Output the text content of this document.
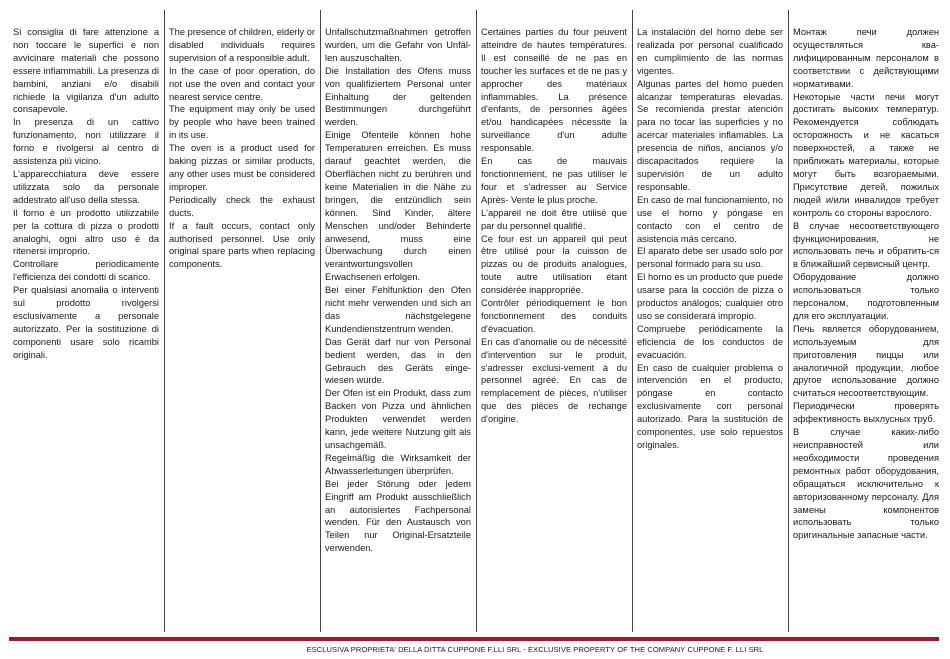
Si consiglia di fare attenzione a non toccare le superfici e non avvicinare materiali che possono essere infiammabili. La presenza di bambini, anziani e/o disabili richiede la vigilanza d'un adulto consapevole.

In presenza di un cattivo funzionamento, non utilizzare il forno e rivolgersi al centro di assistenza più vicino.

L'apparecchiatura deve essere utilizzata solo da personale addestrato all'uso della stessa.

Il forno è un prodotto utilizzabile per la cottura di pizza o prodotti analoghi, ogni altro uso è da ritenersi improprio.

Controllare periodicamente l'efficienza dei condotti di scarico.

Per qualsiasi anomalia o interventi sul prodotto rivolgersi esclusivamente a personale autorizzato. Per la sostituzione di componenti usare solo ricambi originali.

The presence of children, elderly or disabled individuals requires supervision of a responsible adult.

In the case of poor operation, do not use the oven and contact your nearest service centre.

The equipment may only be used by people who have been trained in its use.

The oven is a product used for baking pizzas or similar products, any other uses must be considered improper.

Periodically check the exhaust ducts.

If a fault occurs, contact only authorised personnel. Use only original spare parts when replacing components.

Unfallschutzmaßnahmen getroffen wurden, um die Gefahr von Unfäl-len auszuschalten.

Die Installation des Ofens muss von qualifiziertem Personal unter Einhaltung der geltenden Bestimmungen durchgeführt werden.

Einige Ofenteile können hohe Temperaturen erreichen. Es muss darauf geachtet werden, die Oberflächen nicht zu berühren und keine Materialien in die Nähe zu bringen, die entzündlich sein können. Sind Kinder, ältere Menschen und/oder Behinderte anwesend, muss eine Überwachung durch einen verantwortungsvollen Erwachsenen erfolgen.

Bei einer Fehlfunktion den Ofen nicht mehr verwenden und sich an das nächstgelegene Kundendienstzentrum wenden.

Das Gerät darf nur von Personal bedient werden, das in den Gebrauch des Geräts einge-wiesen wurde.

Der Ofen ist ein Produkt, dass zum Backen von Pizza und ähnlichen Produkten verwendet werden kann, jede weitere Nutzung gilt als unsachgemäß.

Regelmäßig die Wirksamkeit der Abwasserleitungen überprüfen.

Bei jeder Störung oder jedem Eingriff am Produkt ausschließlich an autorisiertes Fachpersonal wenden. Für den Austausch von Teilen nur Original-Ersatzteile verwenden.

Certaines parties du four peuvent atteindre de hautes températures. Il est conseillé de ne pas en toucher les surfaces et de ne pas y approcher des matériaux inflammables. La présence d'enfants, de personnes âgées et/ou handicapées nécessite la surveillance d'un adulte responsable.

En cas de mauvais fonctionnement, ne pas utiliser le four et s'adresser au Service Après- Vente le plus proche.

L'appareil ne doit être utilisé que par du personnel qualifié.

Ce four est un appareil qui peut être utilisé pour la cuisson de pizzas ou de produits analogues, toute autre utilisation étant considérée inappropriée.

Contrôler périodiquement le bon fonctionnement des conduits d'évacuation.

En cas d'anomalie ou de nécessité d'intervention sur le produit, s'adresser exclusi-vement à du personnel agréé. En cas de remplacement de pièces, n'utiliser que des pièces de rechange d'origine.

La instalación del horno debe ser realizada por personal cualificado en cumplimiento de las normas vigentes.

Algunas partes del horno pueden alcanzar temperaturas elevadas. Se recomienda prestar atención para no tocar las superficies y no acercar materiales inflamables. La presencia de niños, ancianos y/o discapacitados requiere la supervisión de un adulto responsable.

En caso de mal funcionamiento, no use el horno y póngase en contacto con el centro de asistencia más cercano.

El aparato debe ser usado solo por personal formado para su uso.

El horno es un producto que puede usarse para la cocción de pizza o productos análogos; cualquier otro uso se considerará impropio.

Compruebe periódicamente la eficiencia de los conductos de evacuación.

En caso de cualquier problema o intervención en el producto, póngase en contacto exclusivamente con personal autorizado. Para la sustitución de componentes, use solo repuestos originales.

Монтаж печи должен осуществляться ква-лифицированным персоналом в соответствии с действующими нормативами.

Некоторые части печи могут достигать высоких температур. Рекомендуется соблюдать осторожность и не касаться поверхностей, а также не приближать материалы, которые могут быть возгораемыми. Присутствие детей, пожилых людей и/или инвалидов требует контроль со стороны взрослого.

В случае несоответствующего функционирования, не использовать печь и обратить-ся в ближайший сервисный центр.

Оборудование должно использоваться только персоналом, подготовленным для его эксплуатации.

Печь является оборудованием, используемым для приготовления пиццы или аналогичной продукции, любое другое использование должно считаться несоответствующим.

Периодически проверять эффективность выхлусных труб.

В случае каких-либо неисправностей или необходимости проведения ремонтных работ оборудования, обращаться исключительно к авторизованному персоналу. Для замены компонентов использовать только оригинальные запасные части.

ESCLUSIVA PROPRIETA' DELLA DITTA CUPPONE F.LLI SRL - EXCLUSIVE PROPERTY OF THE COMPANY CUPPONE F. LLI SRL
